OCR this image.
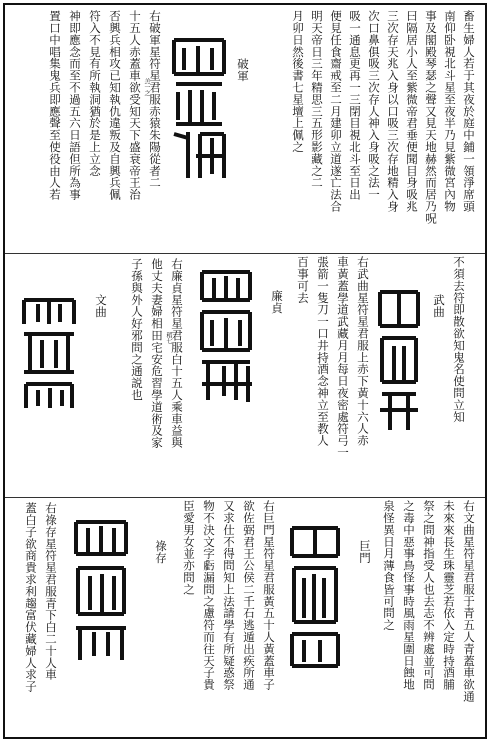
畜生婦人若于其夜於庭中鋪一領淨席頭
南仰卧視北斗星至夜半乃見紫微宮內物
事及閣殿琴瑟之聲又見天地赫然而居乃呪
曰隔居小人至紫微帝君垂便聞目身吸兆
三次存天兆入身以口吸三次存地精入身
次口鼻俱吸三次存人神入身吸之法一
吸一通息更再一三閉目視北斗至日出
便見任食齋戒至二月建卯立道遂亡法合
明天帝日三年精思三五形影藏之二
月卯日然後書七星壇上佩之
破軍
右破軍星符星君服赤猿朱陽從者二
羔一之
十五人赤蓋車欲受知天下盛衰帝王治
否興兵相攻已知執仇違叛及自興兵佩
符入不見有所執洞猶於是上立念
神即應念而至不過五六日語但所為事
置口中唱集鬼兵即應聲至使役由人若
不須去符即散欲知鬼名使問立知
武曲
右武曲星符星君服上赤下黃十六人赤
車黃蓋學道武藏月月每日夜密處符弓一
張箭一隻刀一口井持酒念神立至教人
百事可去
廉貞
右廉貞星符星君服白十五人乘車益與
稻七
他丈夫妻婦相田宅安危習學道術及家
子孫與外人好邪問之通説也
文曲
右文曲星符星君服于青五人青蓋車欲通
未來來長生珠靈芝若依入定時持酒脯
祭之問神指受人也去志不辨處並可問
之毒中惡事鳥怪事時風雨星圍日蝕地
泉怪異日月薄食皆可問之
巨門
右巨門星符星君服黃五十人黃蓋車子
欲佐弼君王公侯二千石逃遁出疾所通
又求仕不得問知上法請學有所疑惑祭
物不決文字虧漏問之慮符而往天子貴
臣愛男女並亦問之
祿存
右祿存星符星君服青下白二十人車
蓋白子欲商貴求利趨富伏藏婦人求子
